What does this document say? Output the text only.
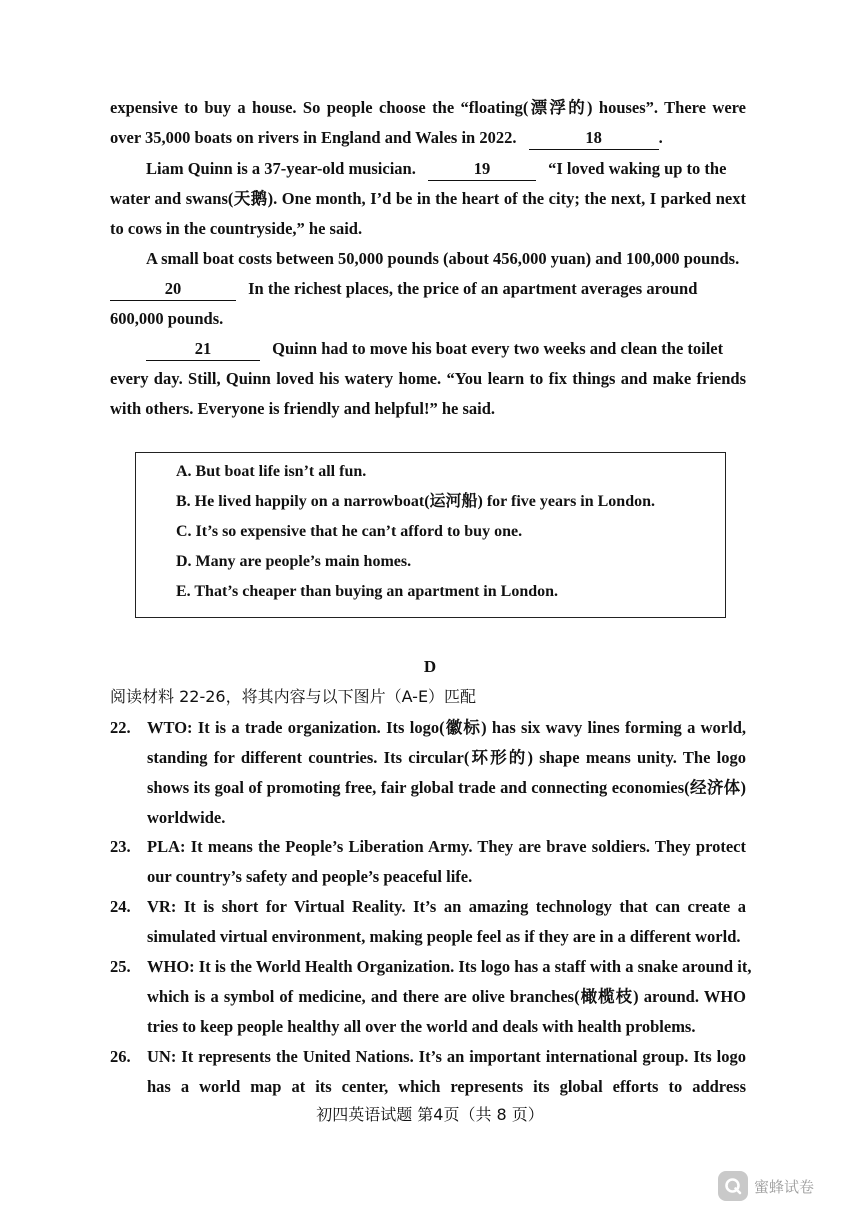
expensive to buy a house. So people choose the “floating(漂浮的) houses”. There were
over 35,000 boats on rivers in England and Wales in 2022.	18	.
Liam Quinn is a 37-year-old musician.	19	“I loved waking up to the
water and swans(天鹅). One month, I’d be in the heart of the city; the next, I parked next
to cows in the countryside,” he said.
A small boat costs between 50,000 pounds (about 456,000 yuan) and 100,000 pounds.
20	In the richest places, the price of an apartment averages around
600,000 pounds.
21	Quinn had to move his boat every two weeks and clean the toilet
every day. Still, Quinn loved his watery home. “You learn to fix things and make friends
with others. Everyone is friendly and helpful!” he said.
A. But boat life isn’t all fun.
B. He lived happily on a narrowboat(运河船) for five years in London.
C. It’s so expensive that he can’t afford to buy one.
D. Many are people’s main homes.
E. That’s cheaper than buying an apartment in London.
D
阅读材料 22-26，将其内容与以下图片（A-E）匹配
22. WTO: It is a trade organization. Its logo(徽标) has six wavy lines forming a world,
standing for different countries. Its circular(环形的) shape means unity. The logo
shows its goal of promoting free, fair global trade and connecting economies(经济体)
worldwide.
23. PLA: It means the People’s Liberation Army. They are brave soldiers. They protect
our country’s safety and people’s peaceful life.
24. VR: It is short for Virtual Reality. It’s an amazing technology that can create a
simulated virtual environment, making people feel as if they are in a different world.
25. WHO: It is the World Health Organization. Its logo has a staff with a snake around it,
which is a symbol of medicine, and there are olive branches(橄榄枝) around. WHO
tries to keep people healthy all over the world and deals with health problems.
26. UN: It represents the United Nations. It’s an important international group. Its logo
has a world map at its center, which represents its global efforts to address
初四英语试题 第4页（共 8 页）
蜜蜂试卷
